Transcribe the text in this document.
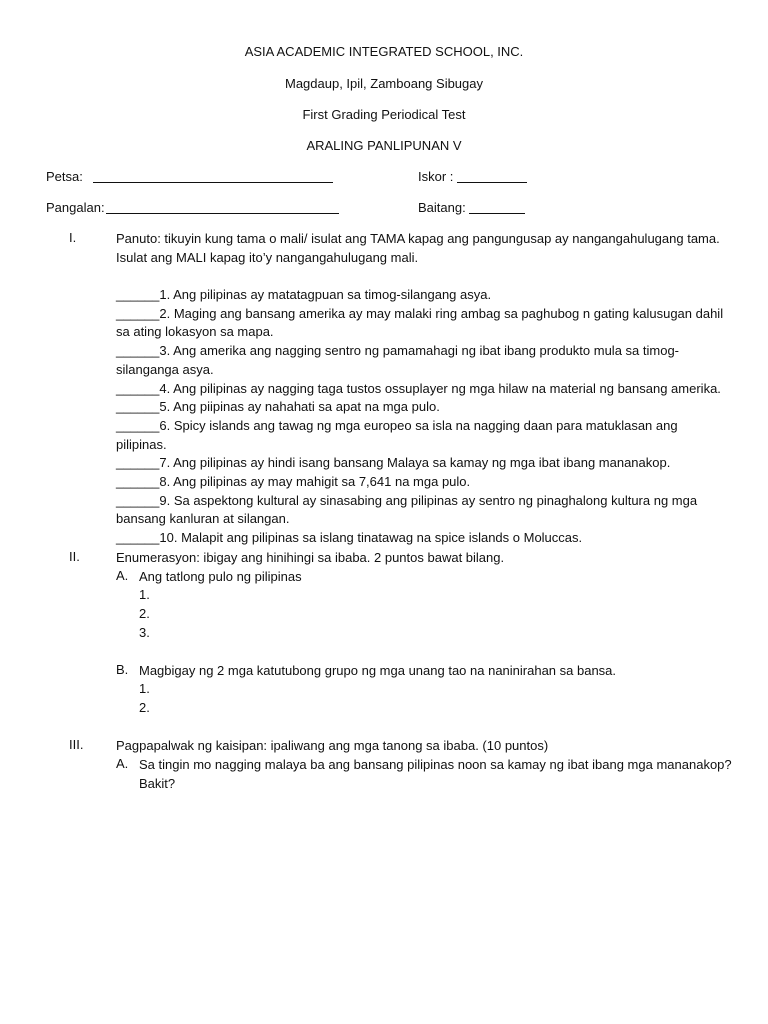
ASIA ACADEMIC INTEGRATED SCHOOL, INC.
Magdaup, Ipil, Zamboang Sibugay
First Grading Periodical Test
ARALING PANLIPUNAN V
Petsa:	Iskor :
Pangalan:	Baitang:
I.	Panuto: tikuyin kung tama o mali/ isulat ang TAMA kapag ang pangungusap ay nangangahulugang tama.
Isulat ang MALI kapag ito’y nangangahulugang mali.
______1. Ang pilipinas ay matatagpuan sa timog-silangang asya.
______2. Maging ang bansang amerika ay may malaki ring ambag sa paghubog n gating kalusugan dahil
sa ating lokasyon sa mapa.
______3. Ang amerika ang nagging sentro ng pamamahagi ng ibat ibang produkto mula sa timog-
silanganga asya.
______4. Ang pilipinas ay nagging taga tustos ossuplayer ng mga hilaw na material ng bansang amerika.
______5. Ang piipinas ay nahahati sa apat na mga pulo.
______6. Spicy islands ang tawag ng mga europeo sa isla na nagging daan para matuklasan ang pilipinas.
______7. Ang pilipinas ay hindi isang bansang Malaya sa kamay ng mga ibat ibang mananakop.
______8. Ang pilipinas ay may mahigit sa 7,641 na mga pulo.
______9. Sa aspektong kultural ay sinasabing ang pilipinas ay sentro ng pinaghalong kultura ng mga
bansang kanluran at silangan.
______10. Malapit ang pilipinas sa islang tinatawag na spice islands o Moluccas.
II.	Enumerasyon: ibigay ang hinihingi sa ibaba. 2 puntos bawat bilang.
A. Ang tatlong pulo ng pilipinas
1.
2.
3.
B. Magbigay ng 2 mga katutubong grupo ng mga unang tao na naninirahan sa bansa.
1.
2.
III.	Pagpapalwak ng kaisipan: ipaliwang ang mga tanong sa ibaba. (10 puntos)
A. Sa tingin mo nagging malaya ba ang bansang pilipinas noon sa kamay ng ibat ibang mga mananakop?
Bakit?
